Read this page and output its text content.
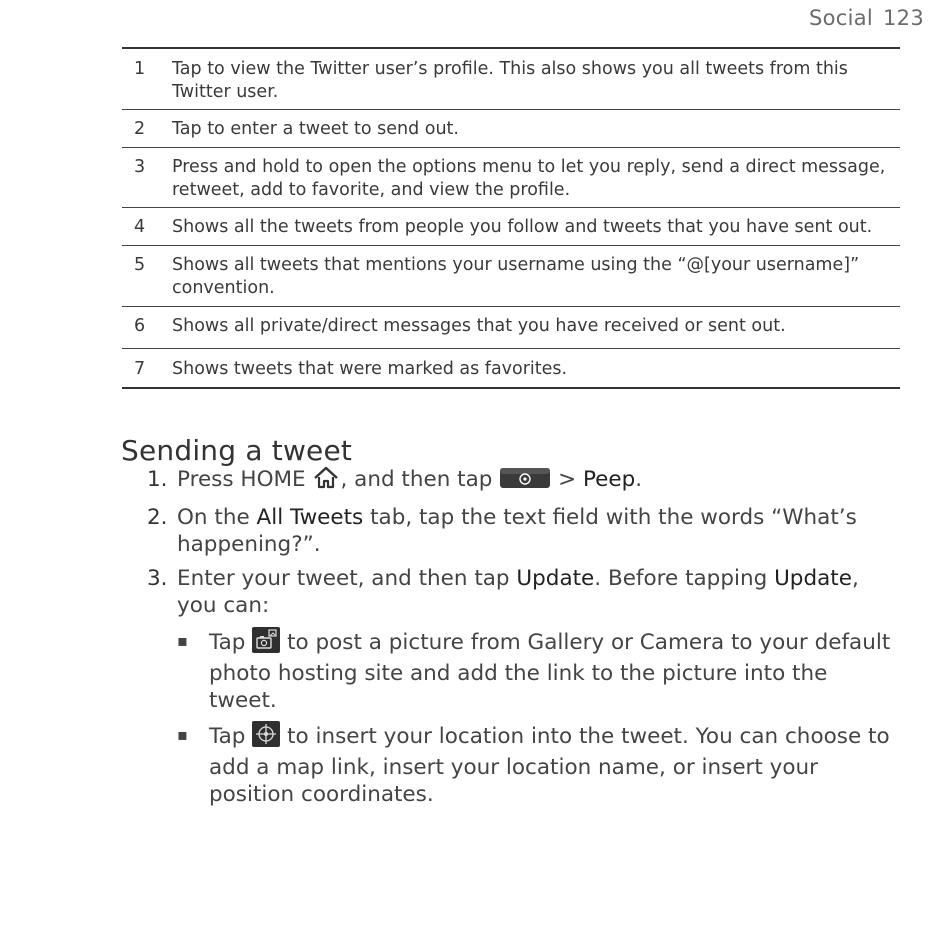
Social 123
1	Tap to view the Twitter user’s profile. This also shows you all tweets from this Twitter user.
2	Tap to enter a tweet to send out.
3	Press and hold to open the options menu to let you reply, send a direct message, retweet, add to favorite, and view the profile.
4	Shows all the tweets from people you follow and tweets that you have sent out.
5	Shows all tweets that mentions your username using the “@[your username]” convention.
6	Shows all private/direct messages that you have received or sent out.
7	Shows tweets that were marked as favorites.
Sending a tweet
1. Press HOME , and then tap  > Peep.
2. On the All Tweets tab, tap the text field with the words “What’s happening?”.
3. Enter your tweet, and then tap Update. Before tapping Update, you can:
▪ Tap  to post a picture from Gallery or Camera to your default photo hosting site and add the link to the picture into the tweet.
▪ Tap  to insert your location into the tweet. You can choose to add a map link, insert your location name, or insert your position coordinates.
